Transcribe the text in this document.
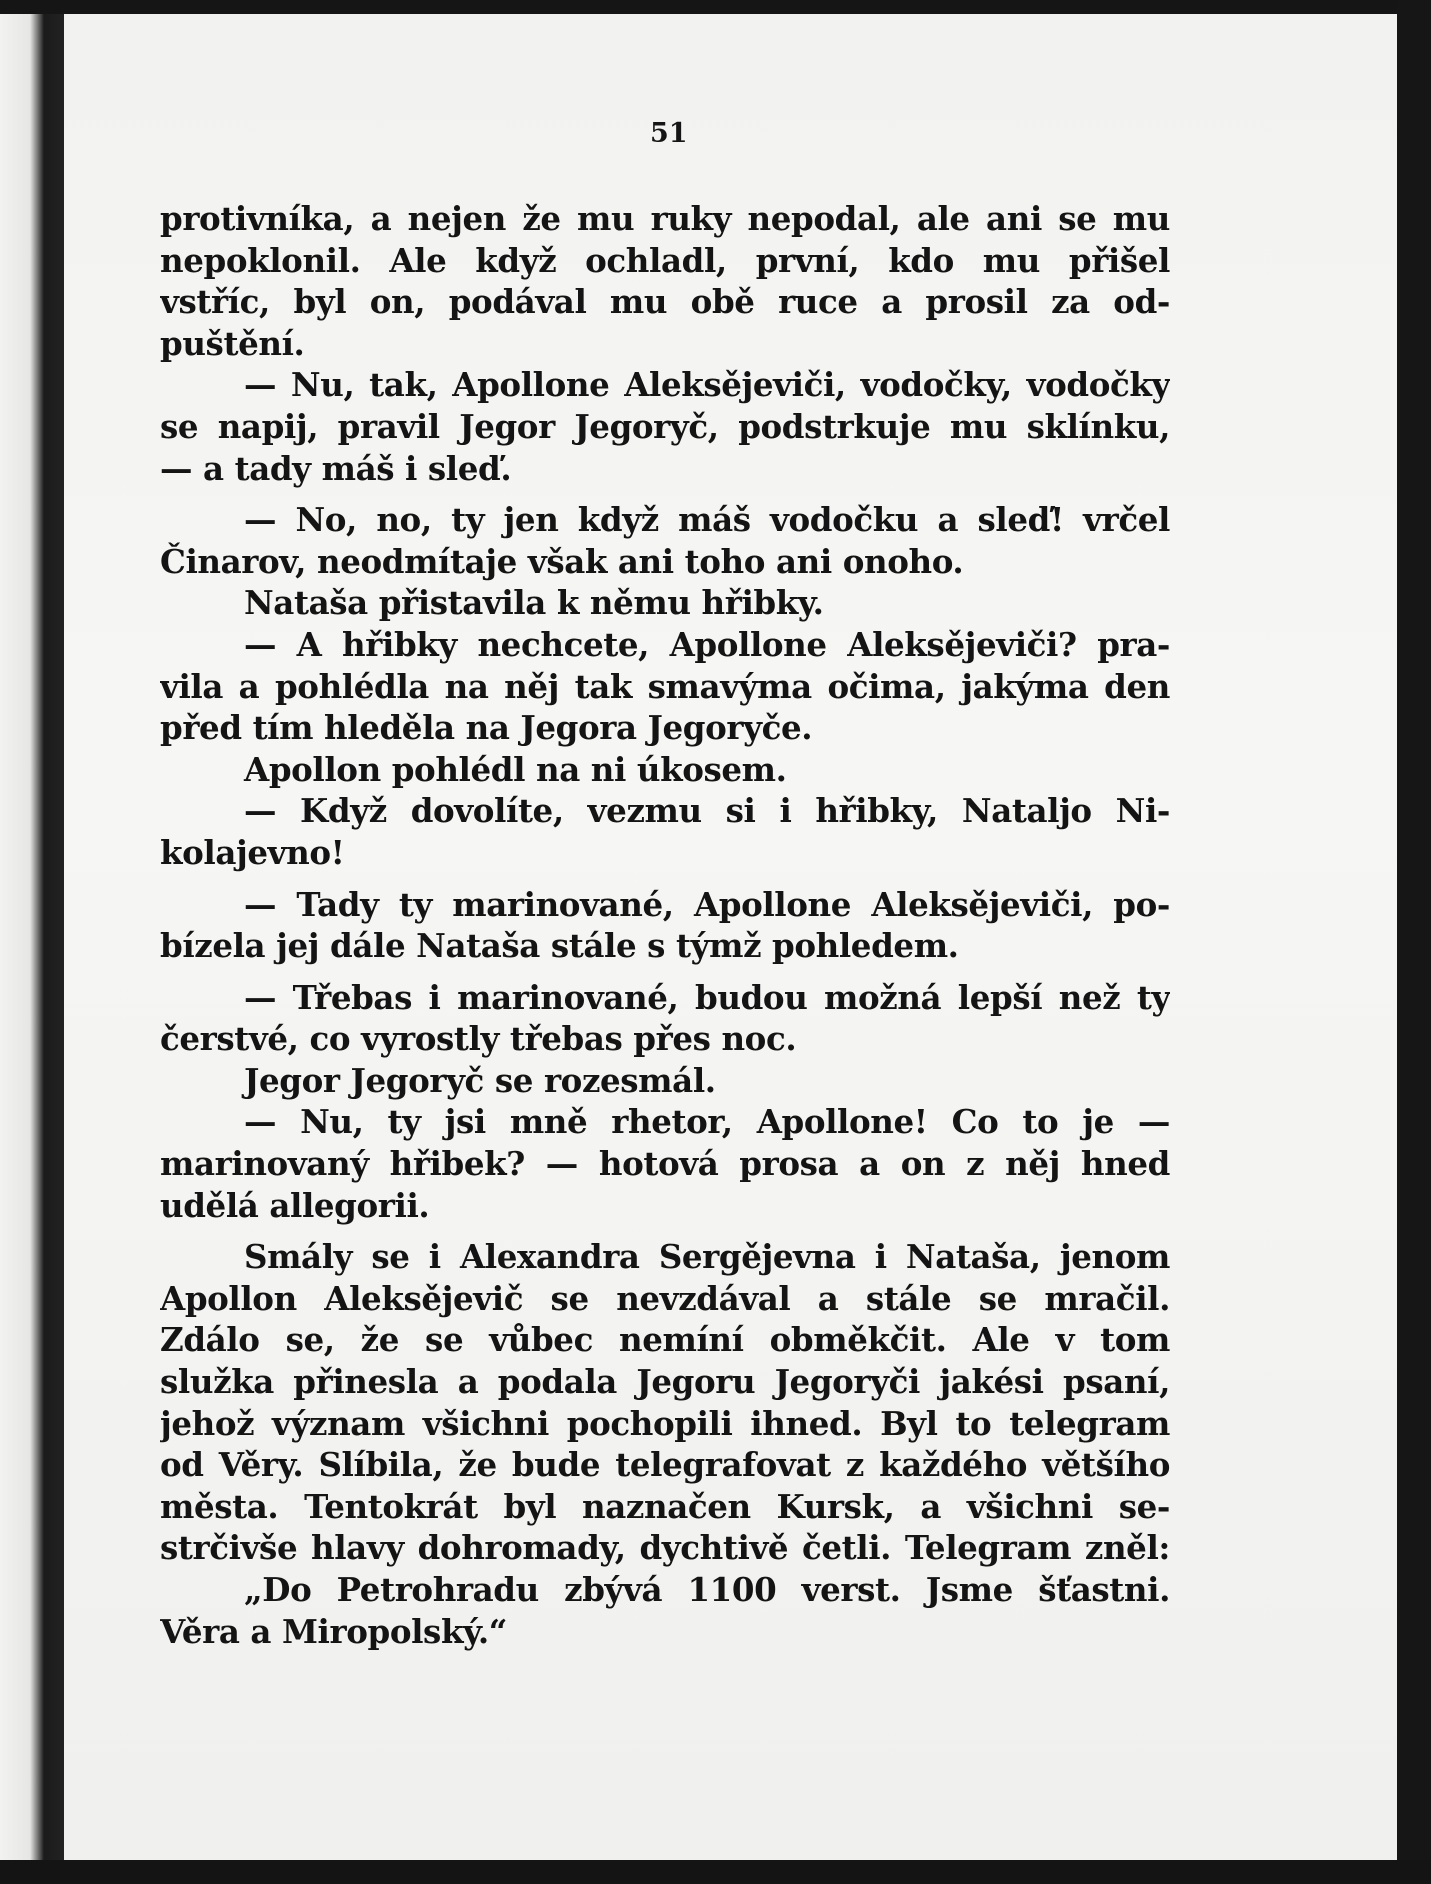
51
protivníka, a nejen že mu ruky nepodal, ale ani se mu
nepoklonil. Ale když ochladl, první, kdo mu přišel
vstříc, byl on, podával mu obě ruce a prosil za od-
puštění.
— Nu, tak, Apollone Aleksějeviči, vodočky, vodočky
se napij, pravil Jegor Jegoryč, podstrkuje mu sklínku,
— a tady máš i sleď.
— No, no, ty jen když máš vodočku a sleď! vrčel
Činarov, neodmítaje však ani toho ani onoho.
Nataša přistavila k němu hřibky.
— A hřibky nechcete, Apollone Aleksějeviči? pra-
vila a pohlédla na něj tak smavýma očima, jakýma den
před tím hleděla na Jegora Jegoryče.
Apollon pohlédl na ni úkosem.
— Když dovolíte, vezmu si i hřibky, Nataljo Ni-
kolajevno!
— Tady ty marinované, Apollone Aleksějeviči, po-
bízela jej dále Nataša stále s týmž pohledem.
— Třebas i marinované, budou možná lepší než ty
čerstvé, co vyrostly třebas přes noc.
Jegor Jegoryč se rozesmál.
— Nu, ty jsi mně rhetor, Apollone! Co to je —
marinovaný hřibek? — hotová prosa a on z něj hned
udělá allegorii.
Smály se i Alexandra Sergějevna i Nataša, jenom
Apollon Aleksějevič se nevzdával a stále se mračil.
Zdálo se, že se vůbec nemíní obměkčit. Ale v tom
služka přinesla a podala Jegoru Jegoryči jakési psaní,
jehož význam všichni pochopili ihned. Byl to telegram
od Věry. Slíbila, že bude telegrafovat z každého většího
města. Tentokrát byl naznačen Kursk, a všichni se-
strčivše hlavy dohromady, dychtivě četli. Telegram zněl:
„Do Petrohradu zbývá 1100 verst. Jsme šťastni.
Věra a Miropolský.“
